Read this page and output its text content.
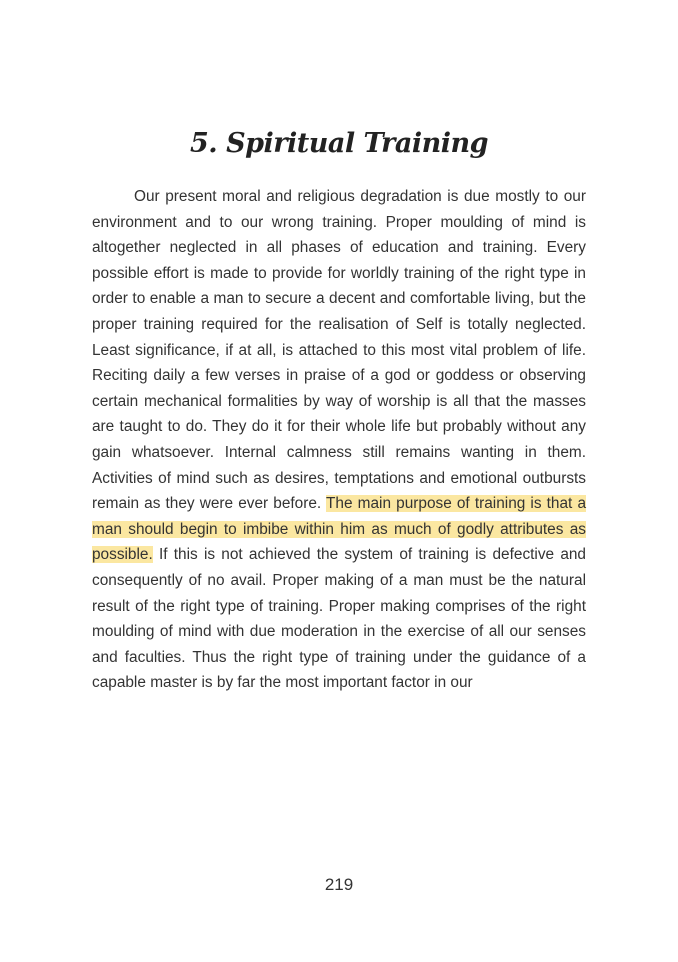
5. Spiritual Training

Our present moral and religious degradation is due mostly to our environment and to our wrong training. Proper moulding of mind is altogether neglected in all phases of education and training. Every possible effort is made to provide for worldly training of the right type in order to enable a man to secure a decent and comfortable living, but the proper training required for the realisation of Self is totally neglected. Least significance, if at all, is attached to this most vital problem of life. Reciting daily a few verses in praise of a god or goddess or observing certain mechanical formalities by way of worship is all that the masses are taught to do. They do it for their whole life but probably without any gain whatsoever. Internal calmness still remains wanting in them. Activities of mind such as desires, temptations and emotional outbursts remain as they were ever before. The main purpose of training is that a man should begin to imbibe within him as much of godly attributes as possible. If this is not achieved the system of training is defective and consequently of no avail. Proper making of a man must be the natural result of the right type of training. Proper making comprises of the right moulding of mind with due moderation in the exercise of all our senses and faculties. Thus the right type of training under the guidance of a capable master is by far the most important factor in our

219
